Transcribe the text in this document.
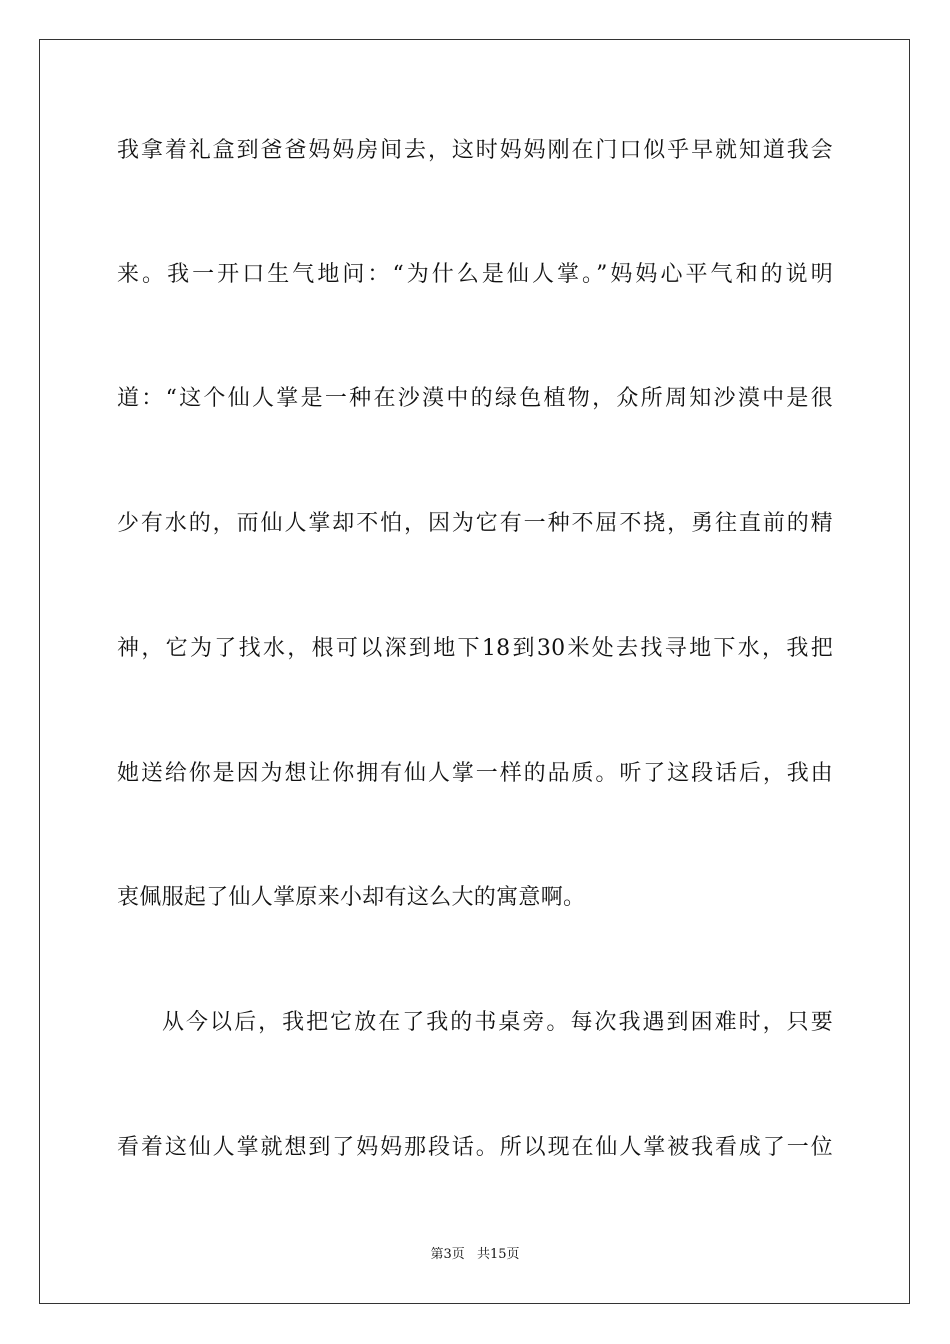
我拿着礼盒到爸爸妈妈房间去，这时妈妈刚在门口似乎早就知道我会
来。我一开口生气地问：“为什么是仙人掌。”妈妈心平气和的说明
道：“这个仙人掌是一种在沙漠中的绿色植物，众所周知沙漠中是很
少有水的，而仙人掌却不怕，因为它有一种不屈不挠，勇往直前的精
神，它为了找水，根可以深到地下18到30米处去找寻地下水，我把
她送给你是因为想让你拥有仙人掌一样的品质。听了这段话后，我由
衷佩服起了仙人掌原来小却有这么大的寓意啊。
从今以后，我把它放在了我的书桌旁。每次我遇到困难时，只要
看着这仙人掌就想到了妈妈那段话。所以现在仙人掌被我看成了一位
第3页 共15页
